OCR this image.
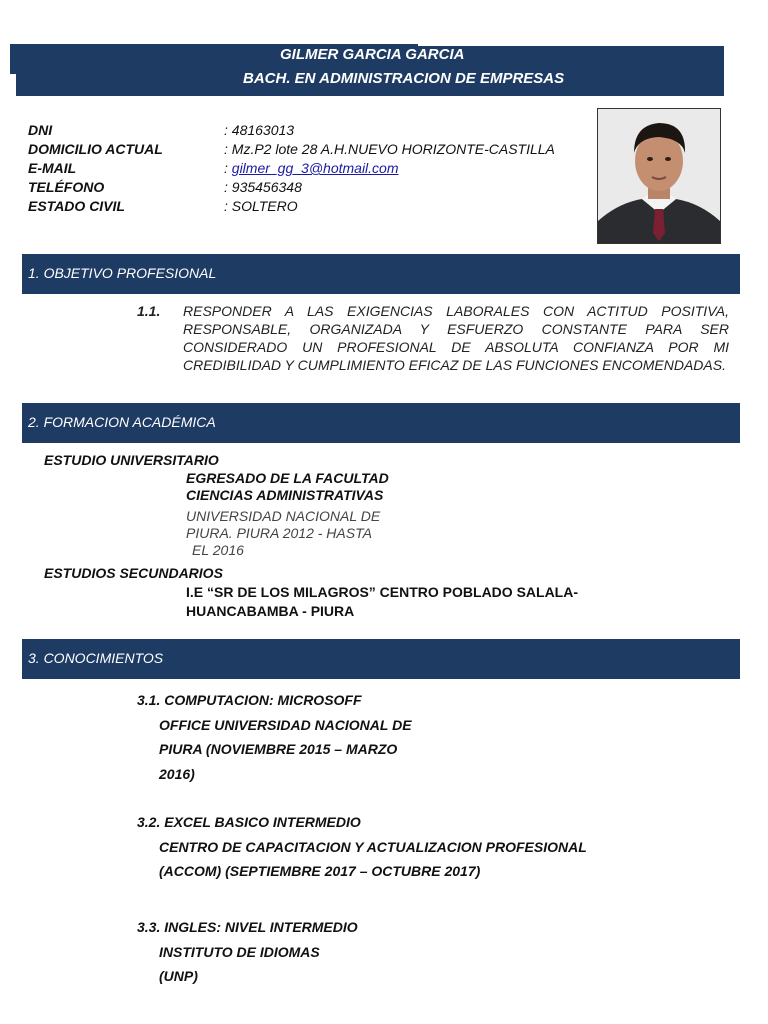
GILMER GARCIA GARCIA
BACH. EN ADMINISTRACION DE EMPRESAS
DNI	: 48163013
DOMICILIO ACTUAL	: Mz.P2 lote 28 A.H.NUEVO HORIZONTE-CASTILLA
E-MAIL	: gilmer_gg_3@hotmail.com
TELÉFONO	: 935456348
ESTADO CIVIL	: SOLTERO
1. OBJETIVO PROFESIONAL
1.1.	RESPONDER A LAS EXIGENCIAS LABORALES CON ACTITUD POSITIVA, RESPONSABLE, ORGANIZADA Y ESFUERZO CONSTANTE PARA SER CONSIDERADO UN PROFESIONAL DE ABSOLUTA CONFIANZA POR MI CREDIBILIDAD Y CUMPLIMIENTO EFICAZ DE LAS FUNCIONES ENCOMENDADAS.
2. FORMACION ACADÉMICA
ESTUDIO UNIVERSITARIO
EGRESADO DE LA FACULTAD
CIENCIAS ADMINISTRATIVAS
UNIVERSIDAD NACIONAL DE
PIURA. PIURA 2012 - HASTA
EL 2016
ESTUDIOS SECUNDARIOS
I.E “SR DE LOS MILAGROS” CENTRO POBLADO SALALA-
HUANCABAMBA - PIURA
3. CONOCIMIENTOS
3.1. COMPUTACION: MICROSOFF
OFFICE UNIVERSIDAD NACIONAL DE
PIURA (NOVIEMBRE 2015 – MARZO
2016)
3.2. EXCEL BASICO INTERMEDIO
CENTRO DE CAPACITACION Y ACTUALIZACION PROFESIONAL
(ACCOM) (SEPTIEMBRE 2017 – OCTUBRE 2017)
3.3. INGLES: NIVEL INTERMEDIO
INSTITUTO DE IDIOMAS
(UNP)
